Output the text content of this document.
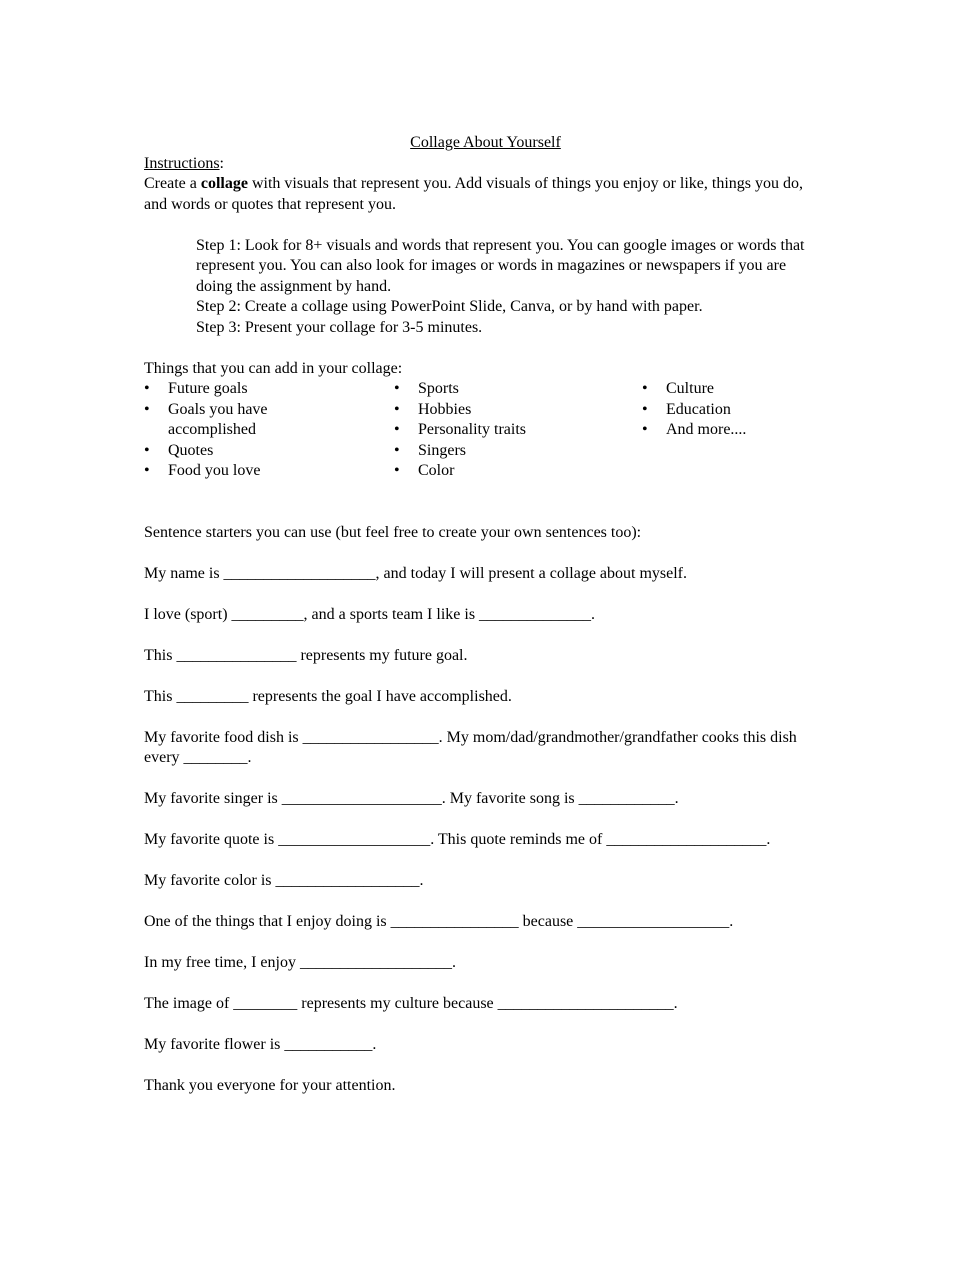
Collage About Yourself

Instructions:

Create a collage with visuals that represent you. Add visuals of things you enjoy or like, things you do, and words or quotes that represent you.

Step 1: Look for 8+ visuals and words that represent you. You can google images or words that represent you. You can also look for images or words in magazines or newspapers if you are doing the assignment by hand.
Step 2: Create a collage using PowerPoint Slide, Canva, or by hand with paper.
Step 3: Present your collage for 3-5 minutes.

Things that you can add in your collage:

•	Future goals
•	Goals you have accomplished
•	Quotes
•	Food you love
•	Sports
•	Hobbies
•	Personality traits
•	Singers
•	Color
•	Culture
•	Education
•	And more....

Sentence starters you can use (but feel free to create your own sentences too):

My name is ___________________, and today I will present a collage about myself.

I love (sport) _________, and a sports team I like is ______________.

This _______________ represents my future goal.

This _________ represents the goal I have accomplished.

My favorite food dish is _________________. My mom/dad/grandmother/grandfather cooks this dish every ________.

My favorite singer is ____________________. My favorite song is ____________.

My favorite quote is ___________________. This quote reminds me of ____________________.

My favorite color is __________________.

One of the things that I enjoy doing is ________________ because ___________________.

In my free time, I enjoy ___________________.

The image of ________ represents my culture because ______________________.

My favorite flower is ___________.

Thank you everyone for your attention.
